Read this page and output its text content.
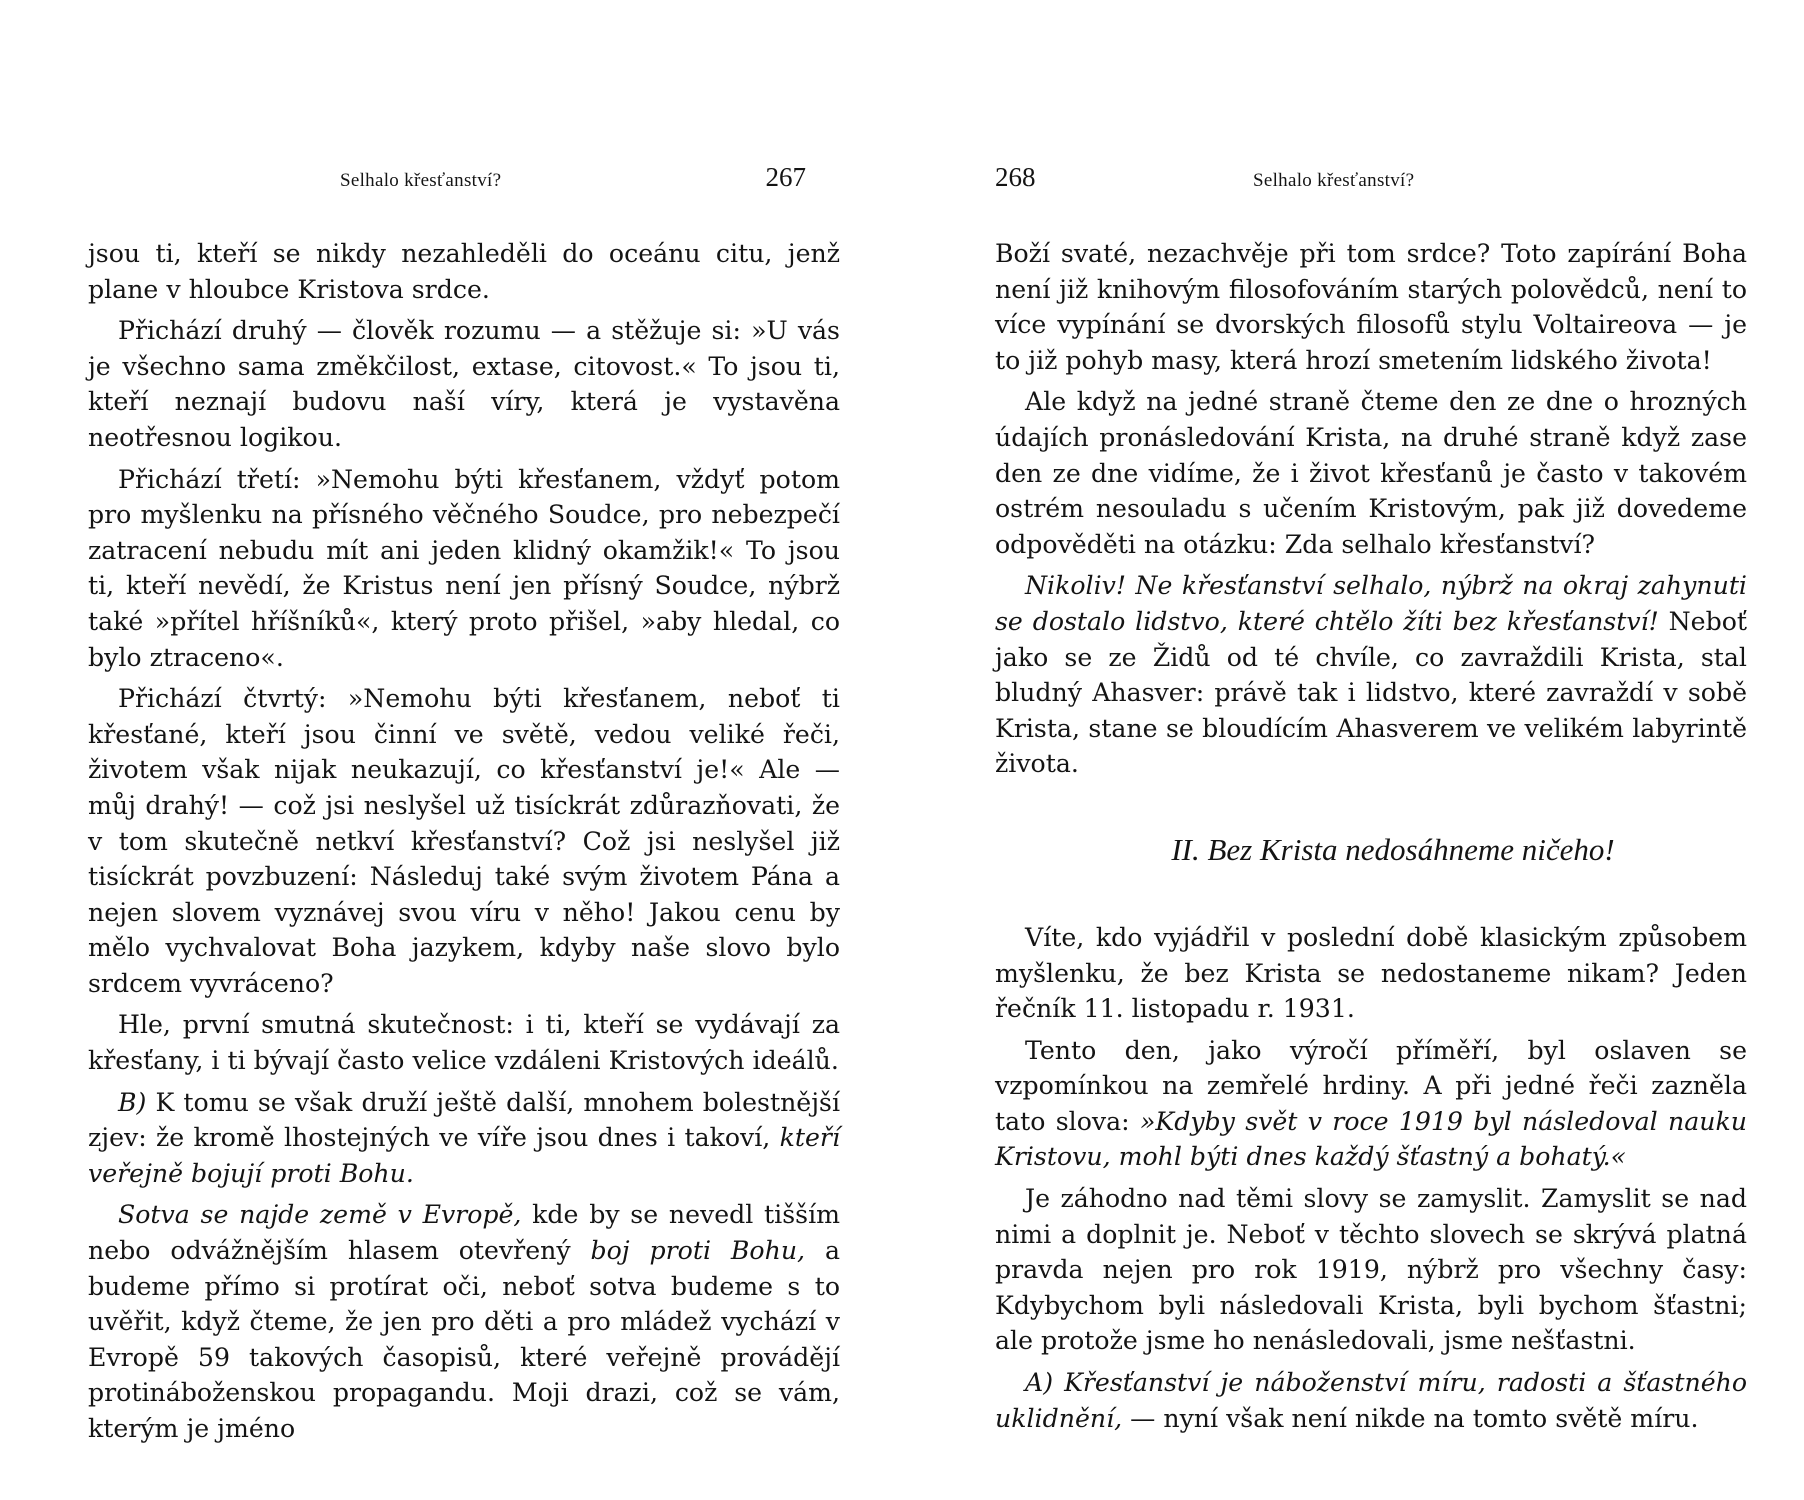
Selhalo křesťanství?	267

jsou ti, kteří se nikdy nezahleděli do oceánu citu, jenž plane v hloubce Kristova srdce.

Přichází druhý — člověk rozumu — a stěžuje si: »U vás je všechno sama změkčilost, extase, citovost.« To jsou ti, kteří neznají budovu naší víry, která je vystavěna neotřesnou logikou.

Přichází třetí: »Nemohu býti křesťanem, vždyť potom pro myšlenku na přísného věčného Soudce, pro nebezpečí zatracení nebudu mít ani jeden klidný okamžik!« To jsou ti, kteří nevědí, že Kristus není jen přísný Soudce, nýbrž také »přítel hříšníků«, který proto přišel, »aby hledal, co bylo ztraceno«.

Přichází čtvrtý: »Nemohu býti křesťanem, neboť ti křesťané, kteří jsou činní ve světě, vedou veliké řeči, životem však nijak neukazují, co křesťanství je!« Ale — můj drahý! — což jsi neslyšel už tisíckrát zdůrazňovati, že v tom skutečně netkví křesťanství? Což jsi neslyšel již tisíckrát povzbuzení: Následuj také svým životem Pána a nejen slovem vyznávej svou víru v něho! Jakou cenu by mělo vychvalovat Boha jazykem, kdyby naše slovo bylo srdcem vyvráceno?

Hle, první smutná skutečnost: i ti, kteří se vydávají za křesťany, i ti bývají často velice vzdáleni Kristových ideálů.

B) K tomu se však druží ještě další, mnohem bolestnější zjev: že kromě lhostejných ve víře jsou dnes i takoví, kteří veřejně bojují proti Bohu.

Sotva se najde země v Evropě, kde by se nevedl tišším nebo odvážnějším hlasem otevřený boj proti Bohu, a budeme přímo si protírat oči, neboť sotva budeme s to uvěřit, když čteme, že jen pro děti a pro mládež vychází v Evropě 59 takových časopisů, které veřejně provádějí protináboženskou propagandu. Moji drazi, což se vám, kterým je jméno

268	Selhalo křesťanství?

Boží svaté, nezachvěje při tom srdce? Toto zapírání Boha není již knihovým filosofováním starých polovědců, není to více vypínání se dvorských filosofů stylu Voltaireova — je to již pohyb masy, která hrozí smetením lidského života!

Ale když na jedné straně čteme den ze dne o hrozných údajích pronásledování Krista, na druhé straně když zase den ze dne vidíme, že i život křesťanů je často v takovém ostrém nesouladu s učením Kristovým, pak již dovedeme odpověděti na otázku: Zda selhalo křesťanství?

Nikoliv! Ne křesťanství selhalo, nýbrž na okraj zahynuti se dostalo lidstvo, které chtělo žíti bez křesťanství! Neboť jako se ze Židů od té chvíle, co zavraždili Krista, stal bludný Ahasver: právě tak i lidstvo, které zavraždí v sobě Krista, stane se bloudícím Ahasverem ve velikém labyrintě života.

II. Bez Krista nedosáhneme ničeho!

Víte, kdo vyjádřil v poslední době klasickým způsobem myšlenku, že bez Krista se nedostaneme nikam? Jeden řečník 11. listopadu r. 1931.

Tento den, jako výročí příměří, byl oslaven se vzpomínkou na zemřelé hrdiny. A při jedné řeči zazněla tato slova: »Kdyby svět v roce 1919 byl následoval nauku Kristovu, mohl býti dnes každý šťastný a bohatý.«

Je záhodno nad těmi slovy se zamyslit. Zamyslit se nad nimi a doplnit je. Neboť v těchto slovech se skrývá platná pravda nejen pro rok 1919, nýbrž pro všechny časy: Kdybychom byli následovali Krista, byli bychom šťastni; ale protože jsme ho nenásledovali, jsme nešťastni.

A) Křesťanství je náboženství míru, radosti a šťastného uklidnění, — nyní však není nikde na tomto světě míru.
